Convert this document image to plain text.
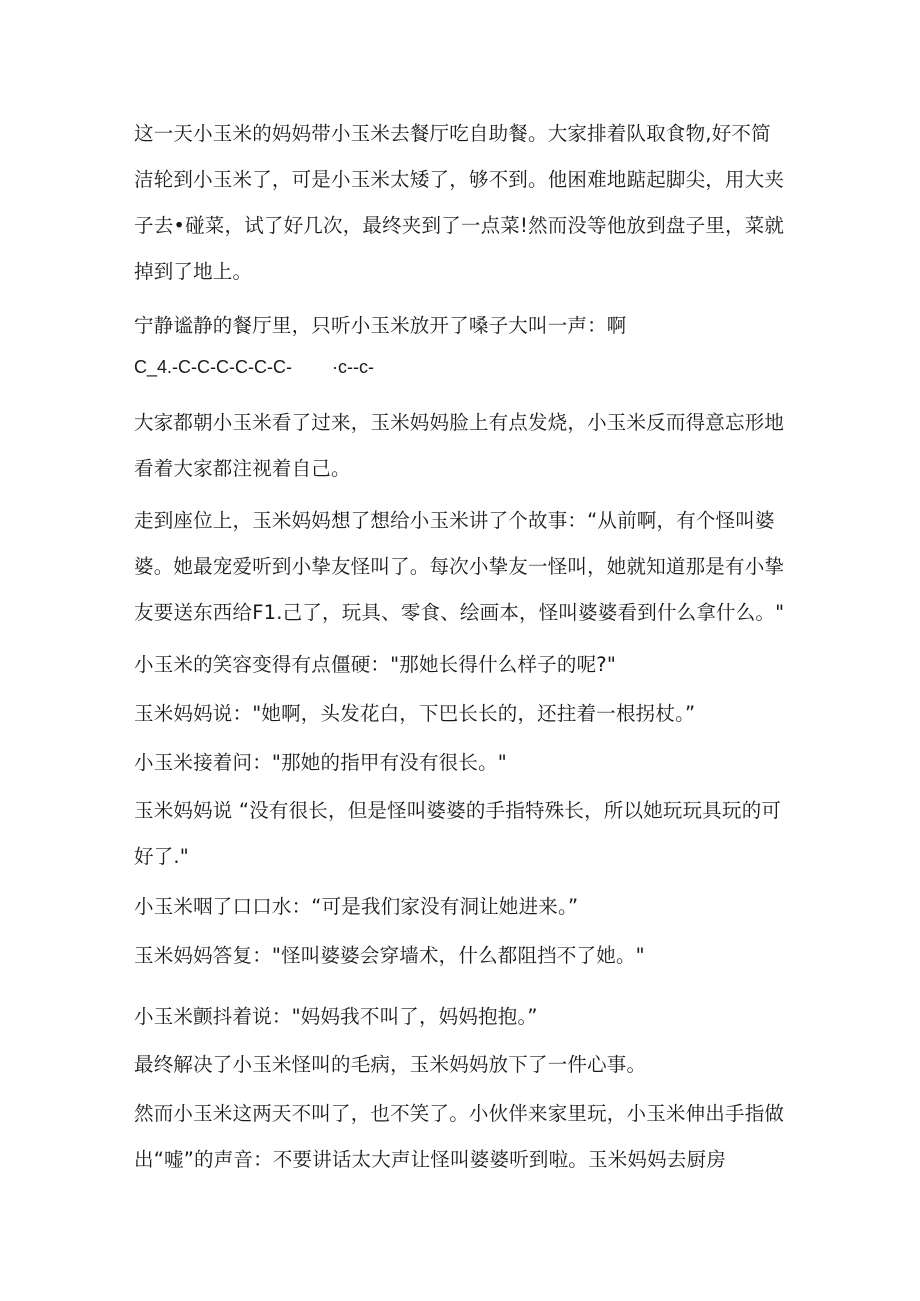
这一天小玉米的妈妈带小玉米去餐厅吃自助餐。大家排着队取食物,好不简洁轮到小玉米了，可是小玉米太矮了，够不到。他困难地踮起脚尖，用大夹子去•碰菜，试了好几次，最终夹到了一点菜!然而没等他放到盘子里，菜就掉到了地上。

宁静谧静的餐厅里，只听小玉米放开了嗓子大叫一声：啊

C_4.-C-C-C-C-C-C-        ·c--c-

大家都朝小玉米看了过来，玉米妈妈脸上有点发烧，小玉米反而得意忘形地看着大家都注视着自己。

走到座位上，玉米妈妈想了想给小玉米讲了个故事：“从前啊，有个怪叫婆婆。她最宠爱听到小挚友怪叫了。每次小挚友一怪叫，她就知道那是有小挚友要送东西给F1.己了，玩具、零食、绘画本，怪叫婆婆看到什么拿什么。"

小玉米的笑容变得有点僵硬："那她长得什么样子的呢?"

玉米妈妈说："她啊，头发花白，下巴长长的，还拄着一根拐杖。”

小玉米接着问："那她的指甲有没有很长。"

玉米妈妈说 “没有很长，但是怪叫婆婆的手指特殊长，所以她玩玩具玩的可好了."

小玉米咽了口口水：“可是我们家没有洞让她进来。”

玉米妈妈答复："怪叫婆婆会穿墙术，什么都阻挡不了她。"

小玉米颤抖着说："妈妈我不叫了，妈妈抱抱。”

最终解决了小玉米怪叫的毛病，玉米妈妈放下了一件心事。

然而小玉米这两天不叫了，也不笑了。小伙伴来家里玩，小玉米伸出手指做出“嘘”的声音：不要讲话太大声让怪叫婆婆听到啦。玉米妈妈去厨房
